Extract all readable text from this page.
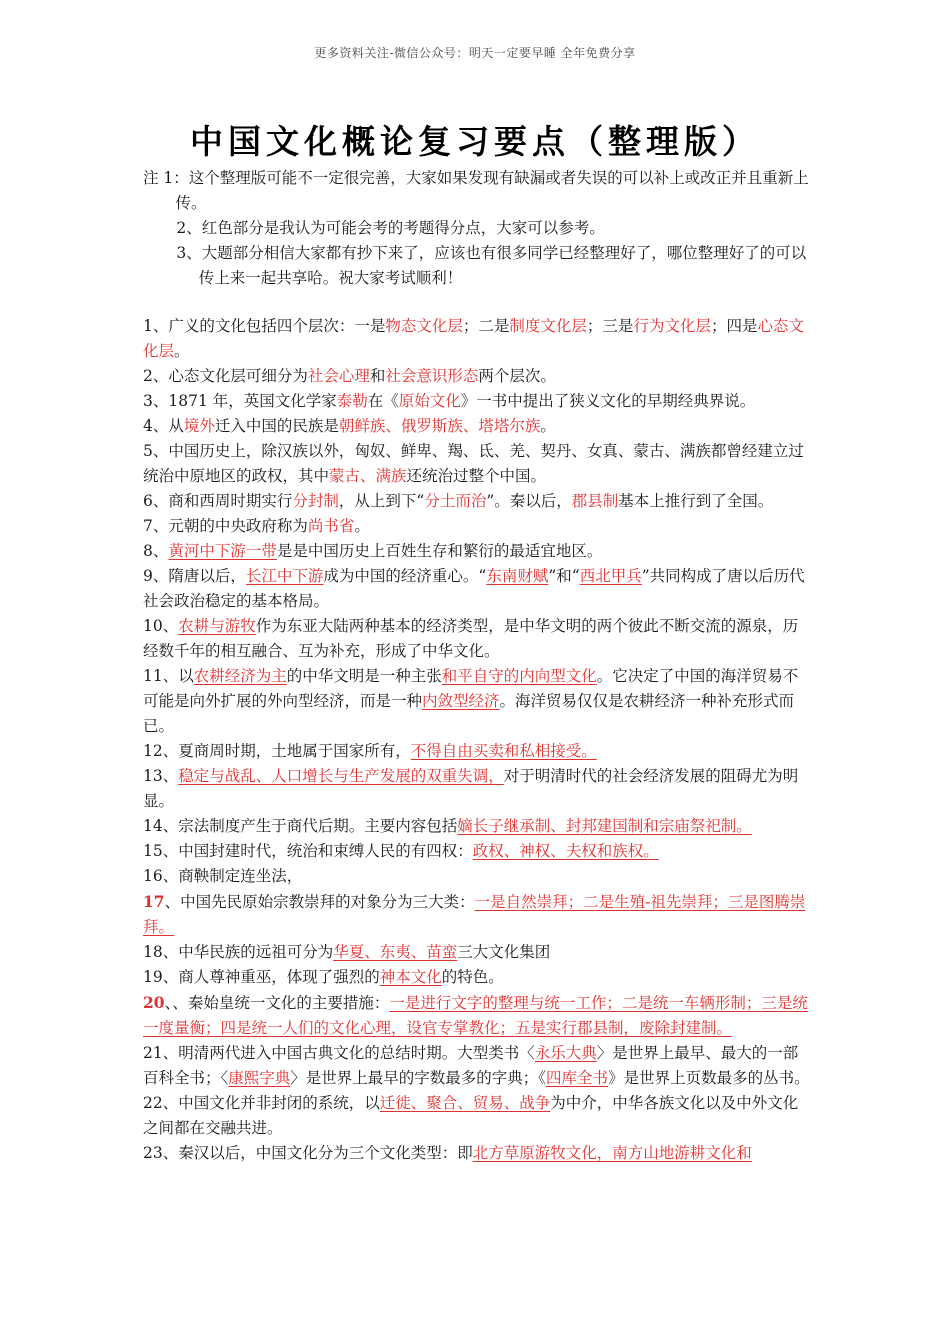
更多资料关注-微信公众号：明天一定要早睡 全年免费分享
中国文化概论复习要点（整理版）
注 1：这个整理版可能不一定很完善，大家如果发现有缺漏或者失误的可以补上或改正并且重新上传。
2、红色部分是我认为可能会考的考题得分点，大家可以参考。
3、大题部分相信大家都有抄下来了，应该也有很多同学已经整理好了，哪位整理好了的可以传上来一起共享哈。祝大家考试顺利！

1、广义的文化包括四个层次：一是物态文化层；二是制度文化层；三是行为文化层；四是心态文化层。

2、心态文化层可细分为社会心理和社会意识形态两个层次。

3、1871 年，英国文化学家泰勒在《原始文化》一书中提出了狭义文化的早期经典界说。

4、从境外迁入中国的民族是朝鲜族、俄罗斯族、塔塔尔族。

5、中国历史上，除汉族以外，匈奴、鲜卑、羯、氐、羌、契丹、女真、蒙古、满族都曾经建立过统治中原地区的政权，其中蒙古、满族还统治过整个中国。

6、商和西周时期实行分封制，从上到下“分土而治”。秦以后，郡县制基本上推行到了全国。

7、元朝的中央政府称为尚书省。

8、黄河中下游一带是是中国历史上百姓生存和繁衍的最适宜地区。

9、隋唐以后，长江中下游成为中国的经济重心。“东南财赋”和“西北甲兵”共同构成了唐以后历代社会政治稳定的基本格局。

10、农耕与游牧作为东亚大陆两种基本的经济类型，是中华文明的两个彼此不断交流的源泉，历经数千年的相互融合、互为补充，形成了中华文化。

11、以农耕经济为主的中华文明是一种主张和平自守的内向型文化。它决定了中国的海洋贸易不可能是向外扩展的外向型经济，而是一种内敛型经济。海洋贸易仅仅是农耕经济一种补充形式而已。

12、夏商周时期，土地属于国家所有，不得自由买卖和私相接受。

13、稳定与战乱、人口增长与生产发展的双重失调，对于明清时代的社会经济发展的阻碍尤为明显。

14、宗法制度产生于商代后期。主要内容包括嫡长子继承制、封邦建国制和宗庙祭祀制。

15、中国封建时代，统治和束缚人民的有四权：政权、神权、夫权和族权。

16、商鞅制定连坐法，

17、中国先民原始宗教崇拜的对象分为三大类：一是自然崇拜；二是生殖-祖先崇拜；三是图腾崇拜。

18、中华民族的远祖可分为华夏、东夷、苗蛮三大文化集团

19、商人尊神重巫，体现了强烈的神本文化的特色。

20、、秦始皇统一文化的主要措施：一是进行文字的整理与统一工作；二是统一车辆形制；三是统一度量衡；四是统一人们的文化心理，设官专掌教化；五是实行郡县制，废除封建制。

21、明清两代进入中国古典文化的总结时期。大型类书〈永乐大典〉是世界上最早、最大的一部百科全书；〈康熙字典〉是世界上最早的字数最多的字典；《四库全书》是世界上页数最多的丛书。

22、中国文化并非封闭的系统，以迁徙、聚合、贸易、战争为中介，中华各族文化以及中外文化之间都在交融共进。

23、秦汉以后，中国文化分为三个文化类型：即北方草原游牧文化，南方山地游耕文化和
